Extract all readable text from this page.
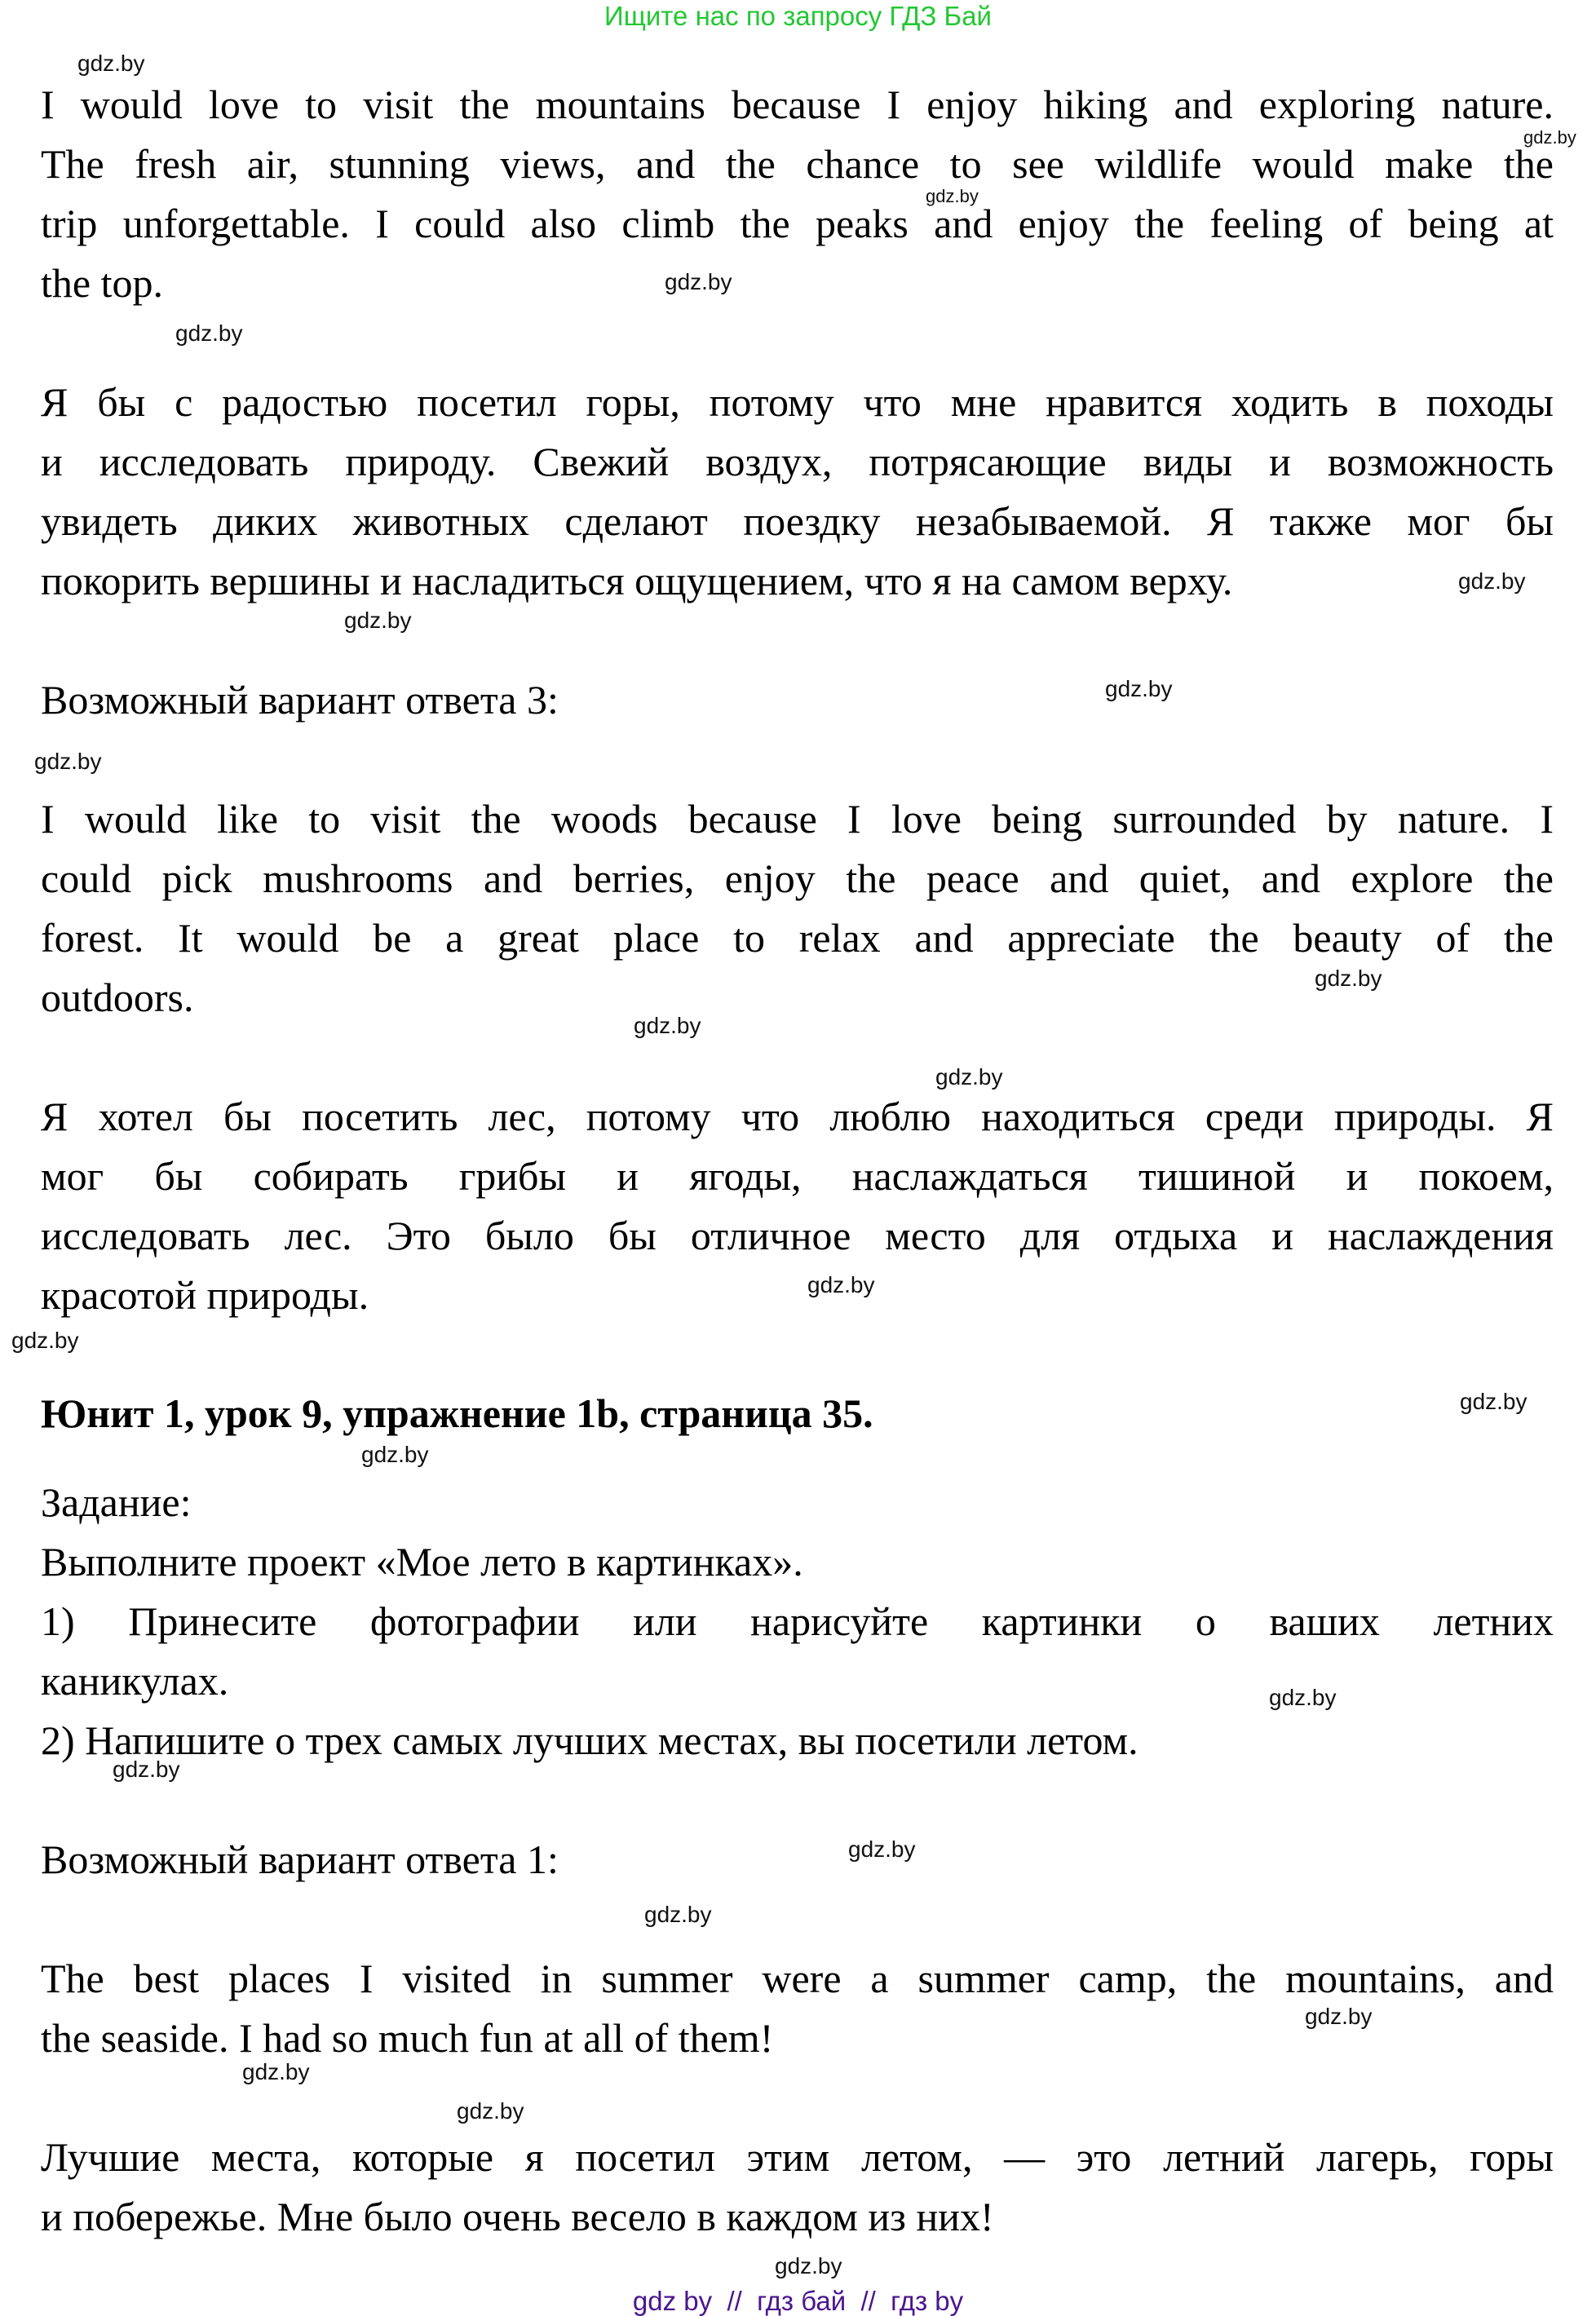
Ищите нас по запросу ГДЗ Бай
I would love to visit the mountains because I enjoy hiking and exploring nature.
The fresh air, stunning views, and the chance to see wildlife would make the
trip unforgettable. I could also climb the peaks and enjoy the feeling of being at
the top.
Я бы с радостью посетил горы, потому что мне нравится ходить в походы
и исследовать природу. Свежий воздух, потрясающие виды и возможность
увидеть диких животных сделают поездку незабываемой. Я также мог бы
покорить вершины и насладиться ощущением, что я на самом верху.
Возможный вариант ответа 3:
I would like to visit the woods because I love being surrounded by nature. I
could pick mushrooms and berries, enjoy the peace and quiet, and explore the
forest. It would be a great place to relax and appreciate the beauty of the
outdoors.
Я хотел бы посетить лес, потому что люблю находиться среди природы. Я
мог бы собирать грибы и ягоды, наслаждаться тишиной и покоем,
исследовать лес. Это было бы отличное место для отдыха и наслаждения
красотой природы.
Юнит 1, урок 9, упражнение 1b, страница 35.
Задание:
Выполните проект «Мое лето в картинках».
1) Принесите фотографии или нарисуйте картинки о ваших летних
каникулах.
2) Напишите о трех самых лучших местах, вы посетили летом.
Возможный вариант ответа 1:
The best places I visited in summer were a summer camp, the mountains, and
the seaside. I had so much fun at all of them!
Лучшие места, которые я посетил этим летом, — это летний лагерь, горы
и побережье. Мне было очень весело в каждом из них!
gdz.by
gdz.by
gdz.by
gdz.by
gdz.by
gdz.by
gdz.by
gdz.by
gdz.by
gdz.by
gdz.by
gdz.by
gdz.by
gdz.by
gdz.by
gdz.by
gdz.by
gdz.by
gdz.by
gdz.by
gdz.by
gdz.by
gdz.by
gdz.by
gdz by  //  гдз бай  //  гдз by
